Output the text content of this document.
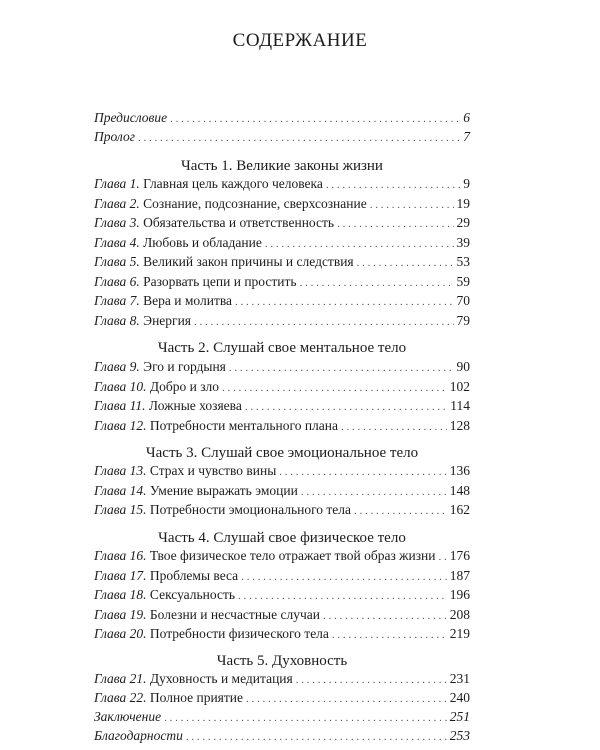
СОДЕРЖАНИЕ
Предисловие . . .	6
Пролог . . .	7
Часть 1. Великие законы жизни
Глава 1. Главная цель каждого человека . . .	9
Глава 2. Сознание, подсознание, сверхсознание . . .	19
Глава 3. Обязательства и ответственность . . .	29
Глава 4. Любовь и обладание . . .	39
Глава 5. Великий закон причины и следствия . . .	53
Глава 6. Разорвать цепи и простить . . .	59
Глава 7. Вера и молитва . . .	70
Глава 8. Энергия . . .	79
Часть 2. Слушай свое ментальное тело
Глава 9. Эго и гордыня . . .	90
Глава 10. Добро и зло . . .	102
Глава 11. Ложные хозяева . . .	114
Глава 12. Потребности ментального плана . . .	128
Часть 3. Слушай свое эмоциональное тело
Глава 13. Страх и чувство вины . . .	136
Глава 14. Умение выражать эмоции . . .	148
Глава 15. Потребности эмоционального тела . . .	162
Часть 4. Слушай свое физическое тело
Глава 16. Твое физическое тело отражает твой образ жизни . . . 176
Глава 17. Проблемы веса . . .	187
Глава 18. Сексуальность . . .	196
Глава 19. Болезни и несчастные случаи . . .	208
Глава 20. Потребности физического тела . . .	219
Часть 5. Духовность
Глава 21. Духовность и медитация . . .	231
Глава 22. Полное приятие . . .	240
Заключение . . .	251
Благодарности . . .	253
